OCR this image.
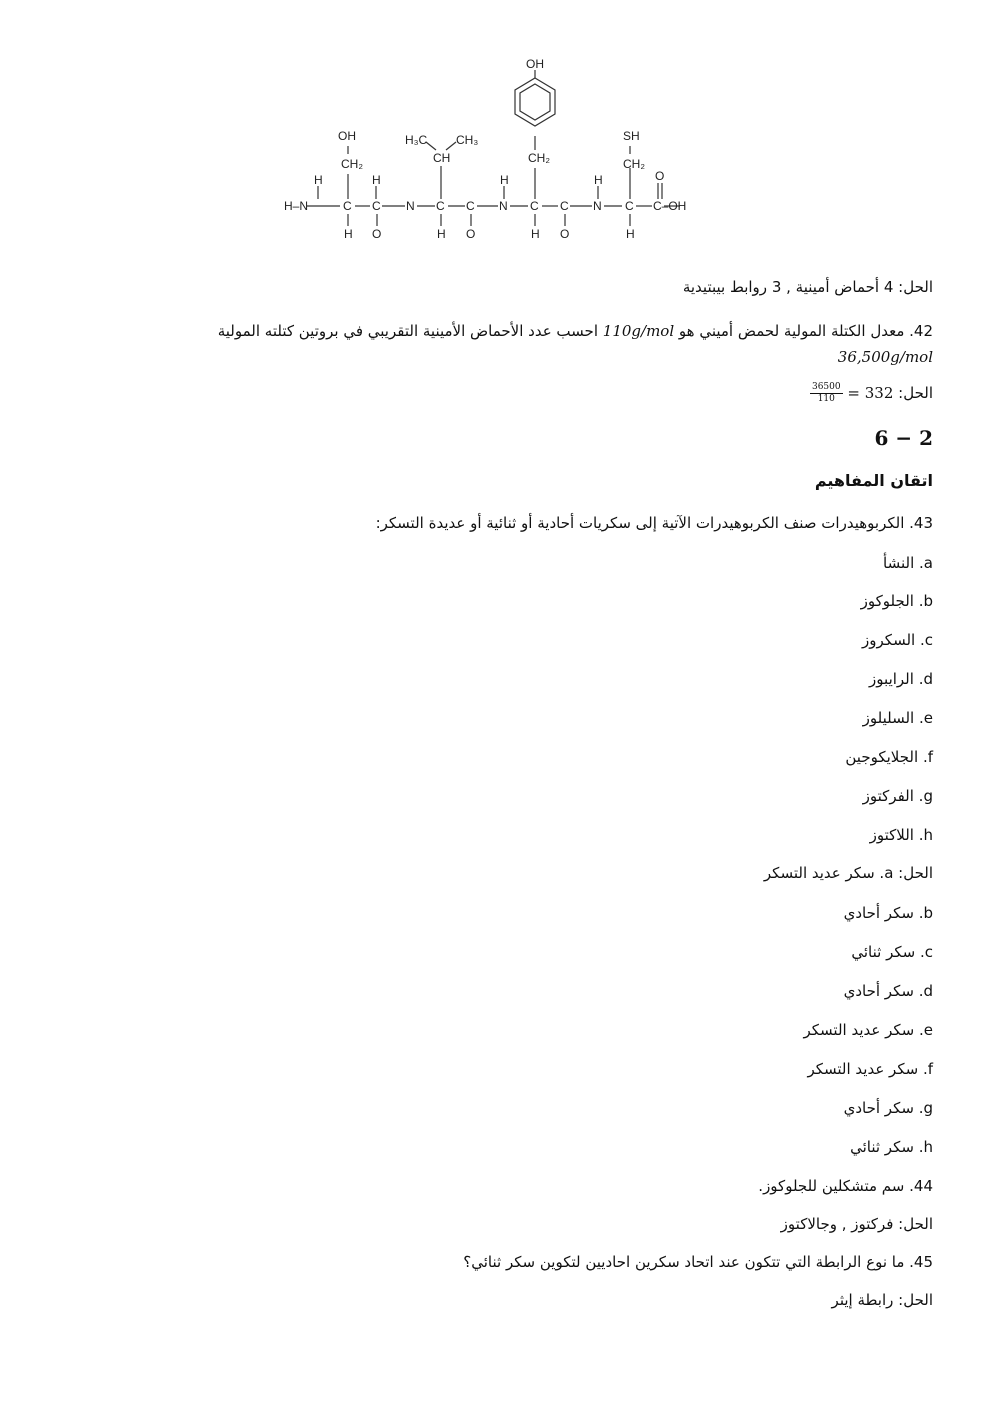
OH
CH₂
H
H–N	C
H
C
O
H
N
H₃C CH₃
CH
C
H
C
O
H
N
OH
CH₂
C
H
C
O
H
N
SH
CH₂
C
H
O
C–OH
الحل: 4 أحماض أمينية , 3 روابط بيبتيدية
42. معدل الكتلة المولية لحمض أميني هو 110g/mol احسب عدد الأحماض الأمينية التقريبي في بروتين كتلته المولية 36,500g/mol
الحل:
$\frac{36500}{110} = 332$
6 − 2
اتقان المفاهيم
43. الكربوهيدرات صنف الكربوهيدرات الآتية إلى سكريات أحادية أو ثنائية أو عديدة التسكر:
a. النشأ
b. الجلوكوز
c. السكروز
d. الرايبوز
e. السليلوز
f. الجلايكوجين
g. الفركتوز
h. اللاكتوز
الحل: a. سكر عديد التسكر
b. سكر أحادي
c. سكر ثنائي
d. سكر أحادي
e. سكر عديد التسكر
f. سكر عديد التسكر
g. سكر أحادي
h. سكر ثنائي
44. سم متشكلين للجلوكوز.
الحل: فركتوز , وجالاكتوز
45. ما نوع الرابطة التي تتكون عند اتحاد سكرين احاديين لتكوين سكر ثنائي؟
الحل: رابطة إيثر
